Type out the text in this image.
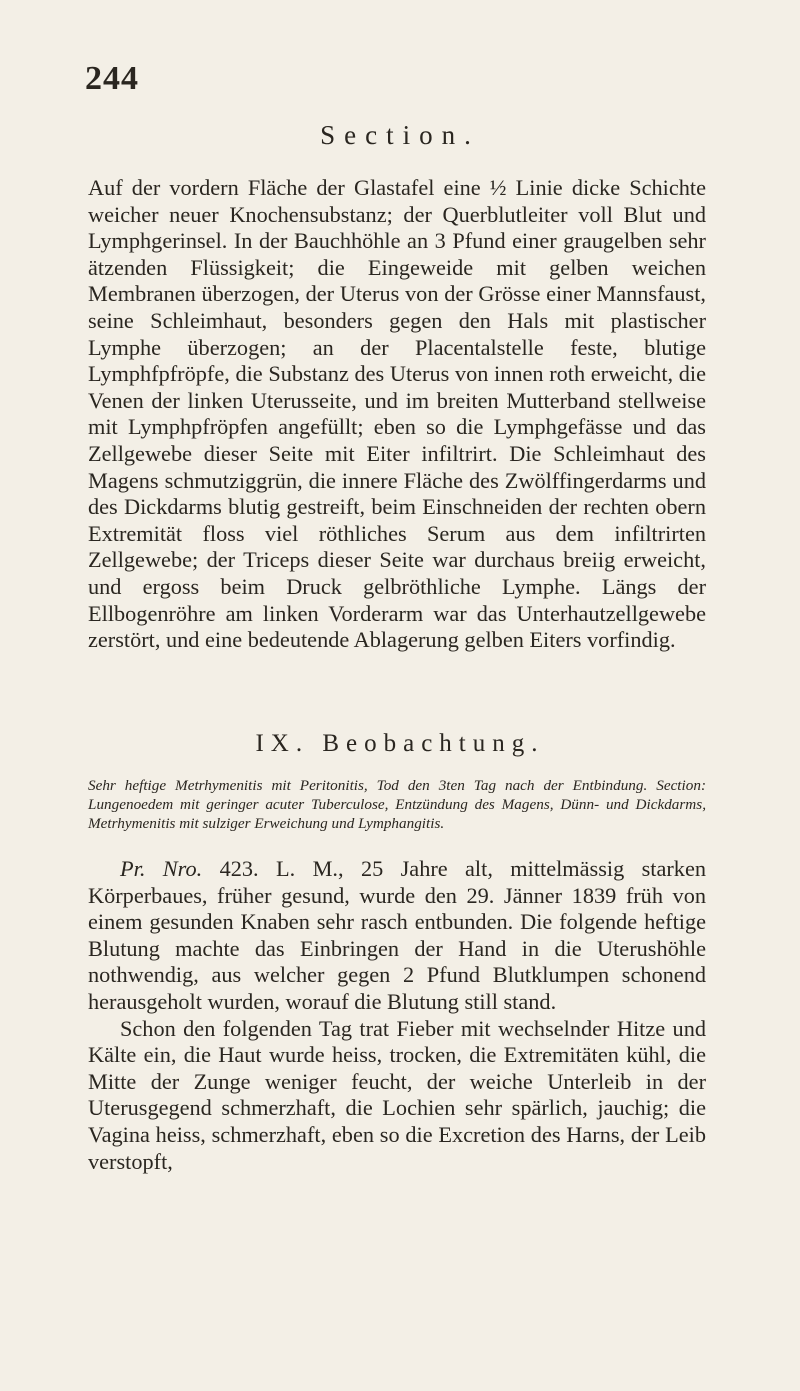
244
Section.

Auf der vordern Fläche der Glastafel eine ½ Linie dicke Schichte weicher neuer Knochensubstanz; der Querblutleiter voll Blut und Lymphgerinsel. In der Bauchhöhle an 3 Pfund einer graugelben sehr ätzenden Flüssigkeit; die Eingeweide mit gelben weichen Membranen überzogen, der Uterus von der Grösse einer Mannsfaust, seine Schleimhaut, besonders gegen den Hals mit plastischer Lymphe überzogen; an der Placentalstelle feste, blutige Lymphfpfröpfe, die Substanz des Uterus von innen roth erweicht, die Venen der linken Uterusseite, und im breiten Mutterband stellweise mit Lymphpfröpfen angefüllt; eben so die Lymphgefässe und das Zellgewebe dieser Seite mit Eiter infiltrirt. Die Schleimhaut des Magens schmutziggrün, die innere Fläche des Zwölffingerdarms und des Dickdarms blutig gestreift, beim Einschneiden der rechten obern Extremität floss viel röthliches Serum aus dem infiltrirten Zellgewebe; der Triceps dieser Seite war durchaus breiig erweicht, und ergoss beim Druck gelbröthliche Lymphe. Längs der Ellbogenröhre am linken Vorderarm war das Unterhautzellgewebe zerstört, und eine bedeutende Ablagerung gelben Eiters vorfindig.

IX. Beobachtung.
Sehr heftige Metrhymenitis mit Peritonitis, Tod den 3ten Tag nach der Entbindung. Section: Lungenoedem mit geringer acuter Tuberculose, Entzündung des Magens, Dünn- und Dickdarms, Metrhymenitis mit sulziger Erweichung und Lymphangitis.

Pr. Nro. 423. L. M., 25 Jahre alt, mittelmässig starken Körperbaues, früher gesund, wurde den 29. Jänner 1839 früh von einem gesunden Knaben sehr rasch entbunden. Die folgende heftige Blutung machte das Einbringen der Hand in die Uterushöhle nothwendig, aus welcher gegen 2 Pfund Blutklumpen schonend herausgeholt wurden, worauf die Blutung still stand.

Schon den folgenden Tag trat Fieber mit wechselnder Hitze und Kälte ein, die Haut wurde heiss, trocken, die Extremitäten kühl, die Mitte der Zunge weniger feucht, der weiche Unterleib in der Uterusgegend schmerzhaft, die Lochien sehr spärlich, jauchig; die Vagina heiss, schmerzhaft, eben so die Excretion des Harns, der Leib verstopft,
